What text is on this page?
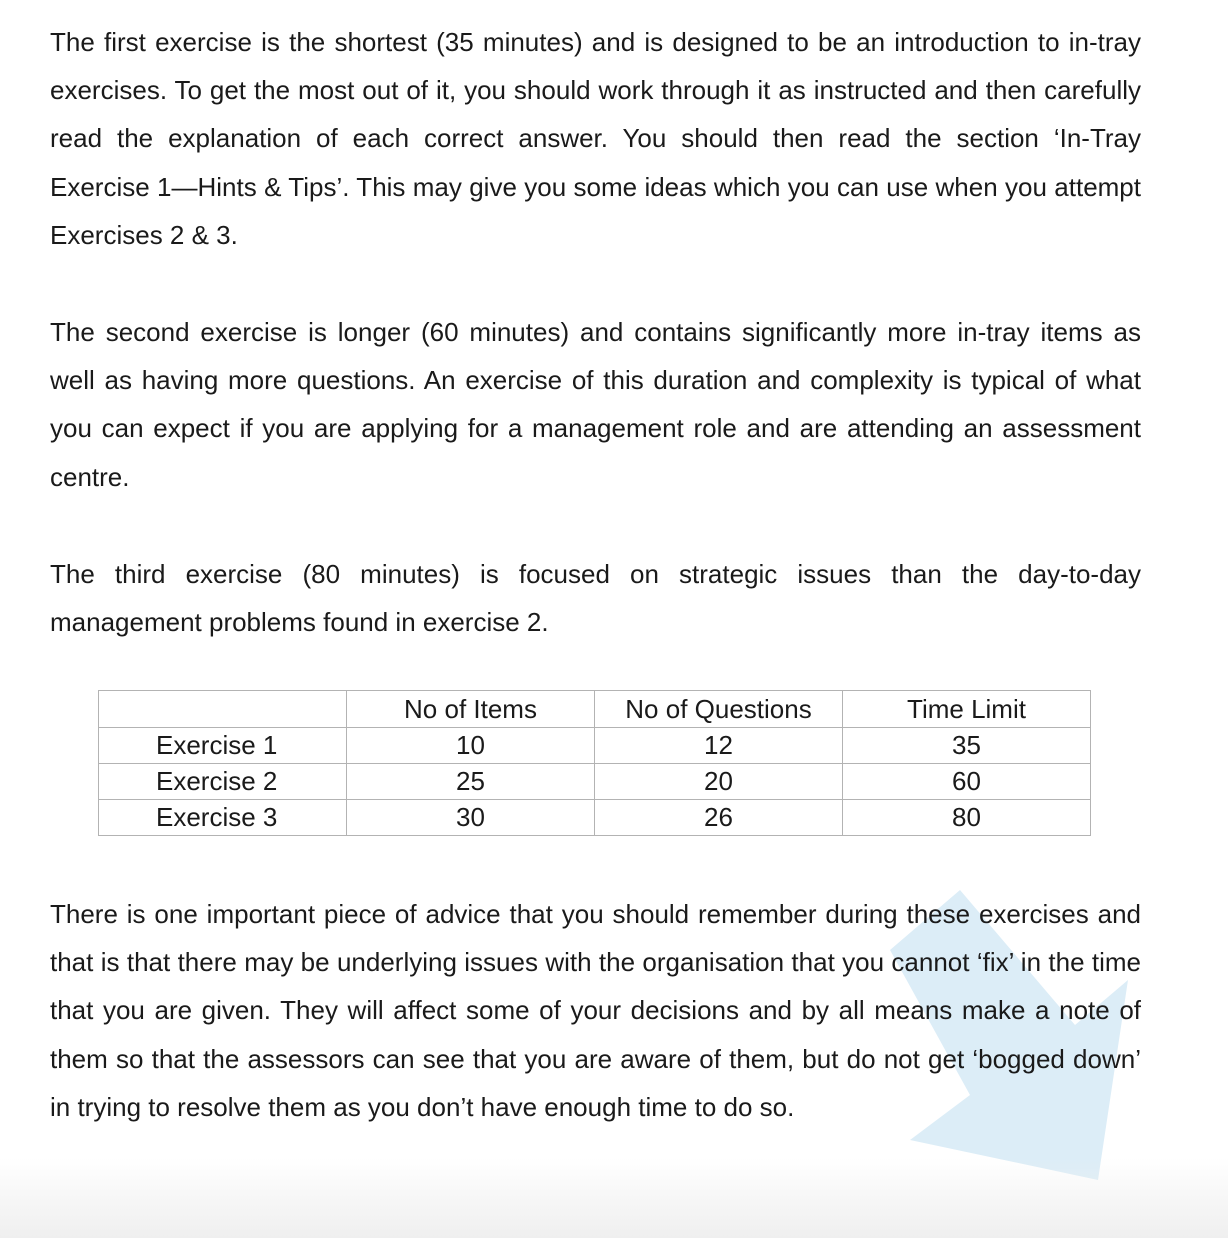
The first exercise is the shortest (35 minutes) and is designed to be an introduction to in-tray exercises. To get the most out of it, you should work through it as instructed and then carefully read the explanation of each correct answer. You should then read the section ‘In-Tray Exercise 1—Hints & Tips’. This may give you some ideas which you can use when you attempt Exercises 2 & 3.

The second exercise is longer (60 minutes) and contains significantly more in-tray items as well as having more questions. An exercise of this duration and complexity is typical of what you can expect if you are applying for a management role and are attending an assessment centre.

The third exercise (80 minutes) is focused on strategic issues than the day-to-day management problems found in exercise 2.

	No of Items	No of Questions	Time Limit
Exercise 1	10	12	35
Exercise 2	25	20	60
Exercise 3	30	26	80

There is one important piece of advice that you should remember during these exercises and that is that there may be underlying issues with the organisation that you cannot ‘fix’ in the time that you are given. They will affect some of your decisions and by all means make a note of them so that the assessors can see that you are aware of them, but do not get ‘bogged down’ in trying to resolve them as you don’t have enough time to do so.
